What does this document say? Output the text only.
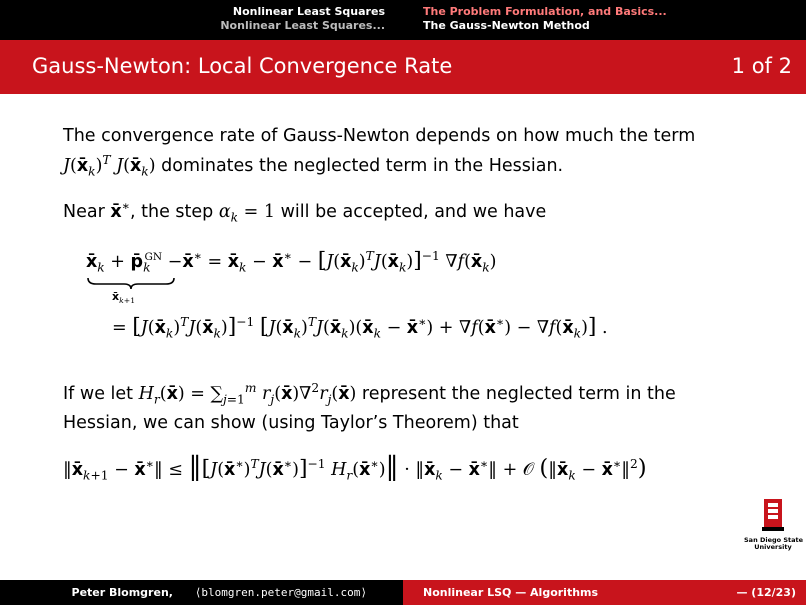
Nonlinear Least Squares
Nonlinear Least Squares...
The Problem Formulation, and Basics...
The Gauss-Newton Method
Gauss-Newton: Local Convergence Rate	1 of 2

The convergence rate of Gauss-Newton depends on how much the term
$J(x̄_k)^T$ $J(x̄_k)$ dominates the neglected term in the Hessian.

Near x̄∗, the step $\alpha_k = 1$ will be accepted, and we have

$x̄_k$ + $p̄_k^{GN}$ −x̄∗ = $x̄_k$ − x̄∗ − $[J(x̄_k)^TJ(x̄_k)]^{-1}$ $\nabla f(x̄_k)$
$x̄_{k+1}$
= $[J(x̄_k)^TJ(x̄_k)]^{-1}$ [$J(x̄_k)^TJ(x̄_k)(x̄_k$ − x̄∗) + ∇f(x̄∗) − $\nabla f(x̄_k)$] .

If we let $H_r(x̄) = \sum_{j=1}^m$ $r_j(x̄)\nabla^2r_j(x̄)$ represent the neglected term in the
Hessian, we can show (using Taylor’s Theorem) that

$‖x̄_{k+1}$ − x̄∗‖ ≤ ‖[J(x̄∗)$^T$J(x̄∗)]$^{-1}$ $H_r(x̄^∗)‖$ · $‖x̄_k$ − x̄∗‖ + 𝒪 ($‖x̄_k$ − x̄∗‖$^2$)
San Diego State
University
Peter Blomgren, ⟨blomgren.peter@gmail.com⟩	Nonlinear LSQ — Algorithms	— (12/23)
